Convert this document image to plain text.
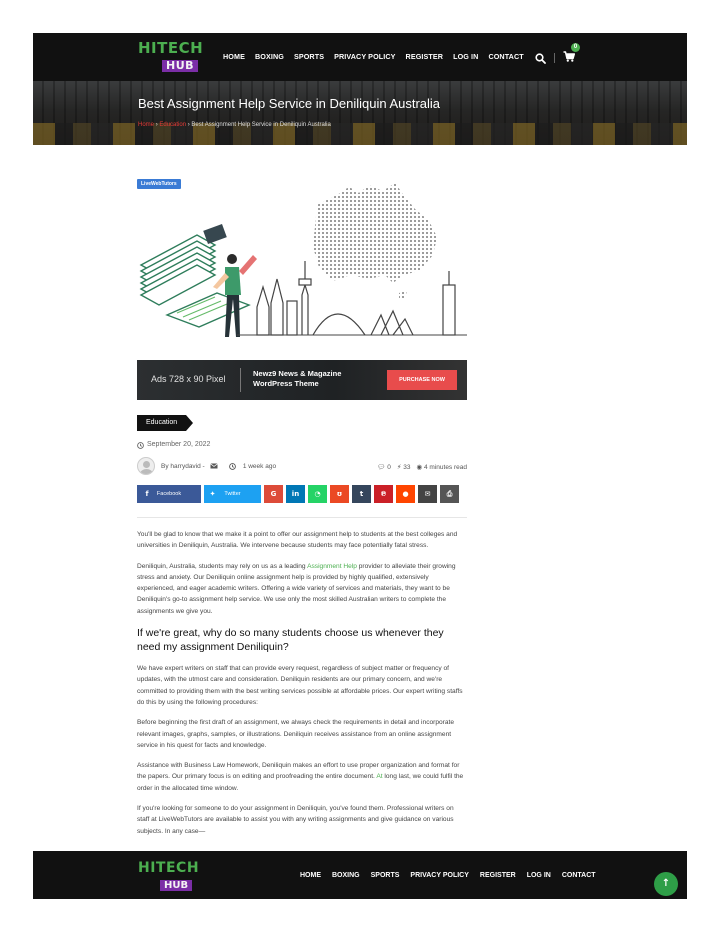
HITECH
HUB
HOME BOXING SPORTS PRIVACY POLICY REGISTER LOG IN CONTACT
0
Best Assignment Help Service in Deniliquin Australia
Home › Education › Best Assignment Help Service in Deniliquin Australia
LiveWebTutors
Ads 728 x 90 Pixel
Newz9 News & Magazine
WordPress Theme	PURCHASE NOW
Education
September 20, 2022
By harrydavid -	1 week ago	💬︎ 0 ⚡︎ 33 ◉ 4 minutes read
f Facebook	✦ Twitter	G in ◔ ʊ	t ℗ ● ✉ ⎙

You'll be glad to know that we make it a point to offer our assignment help to students at the best colleges and universities in Deniliquin, Australia. We intervene because students may face potentially fatal stress.

Deniliquin, Australia, students may rely on us as a leading Assignment Help provider to alleviate their growing stress and anxiety. Our Deniliquin online assignment help is provided by highly qualified, extensively experienced, and eager academic writers. Offering a wide variety of services and materials, they want to be Deniliquin's go-to assignment help service. We use only the most skilled Australian writers to complete the assignments we give you.

If we're great, why do so many students choose us whenever they need my assignment Deniliquin?

We have expert writers on staff that can provide every request, regardless of subject matter or frequency of updates, with the utmost care and consideration. Deniliquin residents are our primary concern, and we're committed to providing them with the best writing services possible at affordable prices. Our expert writing staffs do this by using the following procedures:

Before beginning the first draft of an assignment, we always check the requirements in detail and incorporate relevant images, graphs, samples, or illustrations. Deniliquin receives assistance from an online assignment service in his quest for facts and knowledge.

Assistance with Business Law Homework, Deniliquin makes an effort to use proper organization and format for the papers. Our primary focus is on editing and proofreading the entire document. At long last, we could fulfil the order in the allocated time window.

If you're looking for someone to do your assignment in Deniliquin, you've found them. Professional writers on staff at LiveWebTutors are available to assist you with any writing assignments and give guidance on various subjects. In any case—

HITECH
HUB
HOME BOXING SPORTS PRIVACY POLICY REGISTER LOG IN CONTACT
↑
